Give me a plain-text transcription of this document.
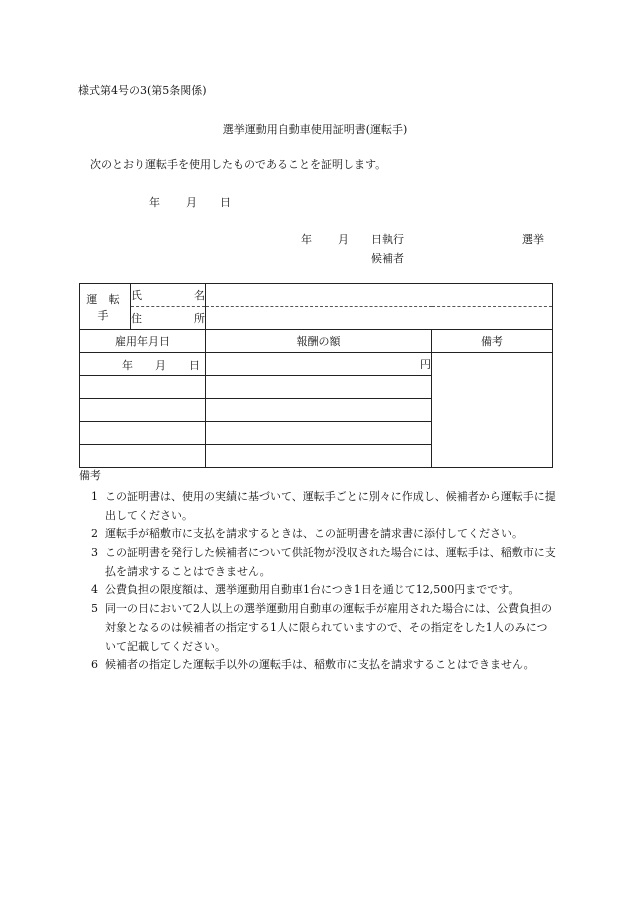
様式第4号の3(第5条関係)
選挙運動用自動車使用証明書(運転手)
次のとおり運転手を使用したものであることを証明します。
年 月 日
年 月 日執行	選挙
候補者
運 転 手	氏 名		

	住 所		

雇用年月日		報酬の額	備考

年 月 日		円	

備考
1 この証明書は、使用の実績に基づいて、運転手ごとに別々に作成し、候補者から運転手に提出してください。
2 運転手が稲敷市に支払を請求するときは、この証明書を請求書に添付してください。
3 この証明書を発行した候補者について供託物が没収された場合には、運転手は、稲敷市に支払を請求することはできません。
4 公費負担の限度額は、選挙運動用自動車1台につき1日を通じて12,500円までです。
5 同一の日において2人以上の選挙運動用自動車の運転手が雇用された場合には、公費負担の対象となるのは候補者の指定する1人に限られていますので、その指定をした1人のみについて記載してください。
6 候補者の指定した運転手以外の運転手は、稲敷市に支払を請求することはできません。
